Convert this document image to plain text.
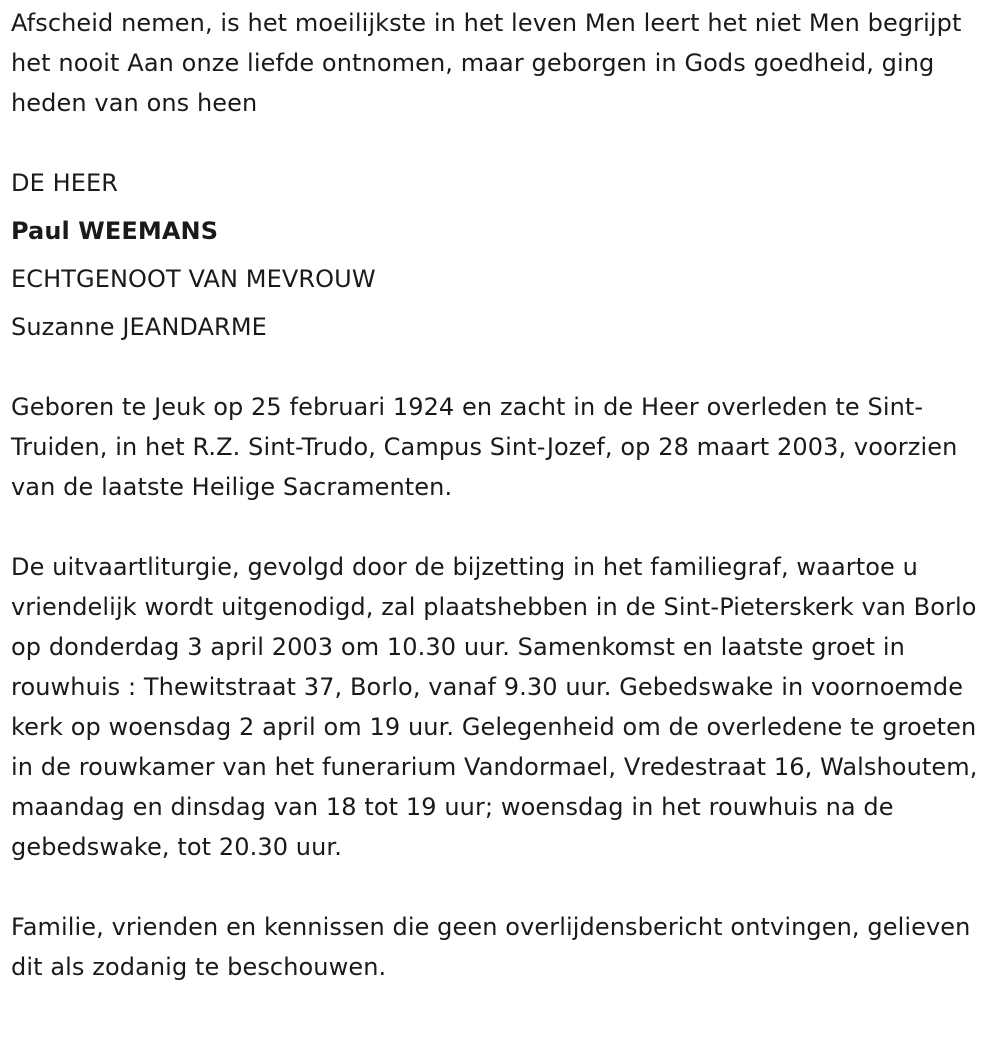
Afscheid nemen, is het moeilijkste in het leven Men leert het niet Men begrijpt het nooit Aan onze liefde ontnomen, maar geborgen in Gods goedheid, ging heden van ons heen

DE HEER

Paul WEEMANS

ECHTGENOOT VAN MEVROUW

Suzanne JEANDARME

Geboren te Jeuk op 25 februari 1924 en zacht in de Heer overleden te Sint-Truiden, in het R.Z. Sint-Trudo, Campus Sint-Jozef, op 28 maart 2003, voorzien van de laatste Heilige Sacramenten.

De uitvaartliturgie, gevolgd door de bijzetting in het familiegraf, waartoe u vriendelijk wordt uitgenodigd, zal plaatshebben in de Sint-Pieterskerk van Borlo op donderdag 3 april 2003 om 10.30 uur. Samenkomst en laatste groet in rouwhuis : Thewitstraat 37, Borlo, vanaf 9.30 uur. Gebedswake in voornoemde kerk op woensdag 2 april om 19 uur. Gelegenheid om de overledene te groeten in de rouwkamer van het funerarium Vandormael, Vredestraat 16, Walshoutem, maandag en dinsdag van 18 tot 19 uur; woensdag in het rouwhuis na de gebedswake, tot 20.30 uur.

Familie, vrienden en kennissen die geen overlijdensbericht ontvingen, gelieven dit als zodanig te beschouwen.
